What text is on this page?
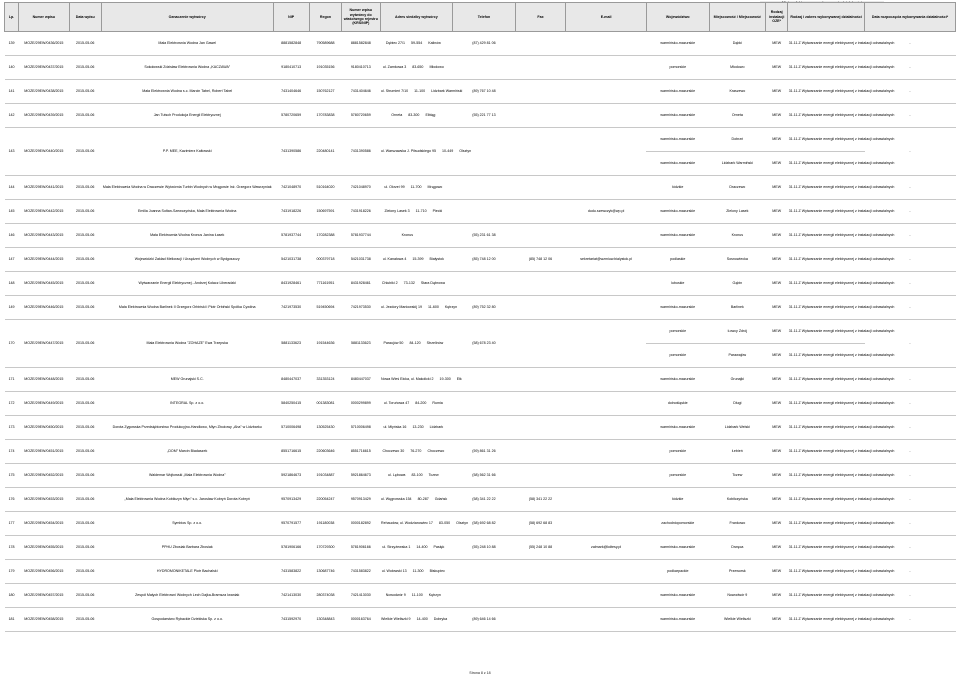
Lp.	Numer wpisu	Data wpisu	Oznaczenie wytwórcy	NIP	Regon	Numer wpisu wytwórcy do właściwego rejestru (KRS/NIP)	Adres siedziby wytwórcy	Telefon	Fax	E-mail	Województwo	Miejscowość / Miejscowość	Rodzaj instalacji OZE*	Rodzaj i zakres wykonywanej działalności	Data rozpoczęcia wykonywania działalności*
139	MOZE/29EW/0436/2015	2015-05-06	Mała Elektrownia Wodna Jan Gawel	8881582848	790589688	8881582848	Dębiec 27/1 59-554 Kalinów	(87) 429 81 06			warmińsko-mazurskie	Dąbki	MEW	31.11.Z Wytwarzanie energii elektrycznej z instalacji odnawialnych	-
140	MOZE/29EW/0437/2015	2015-05-06	Sokołowski Zdzisław Elektrownia Wodna „KACZAWA”	9180410713	191035156	9180410713	ul. Zamkowa 3 83-650 Młodowo				pomorskie	Młodowo	MEW	31.11.Z Wytwarzanie energii elektrycznej z instalacji odnawialnych	-
141	MOZE/29EW/0438/2015	2015-05-06	Mała Elektrownia Wodna s.c. Marcin Tabel, Robert Tabel	7431404646	150762127	7431404646	ul. Strumień 7/10 11-100 Lidzbark Warmiński	(89) 767 10 48			warmińsko-mazurskie	Kraszewo	MEW	31.11.Z Wytwarzanie energii elektrycznej z instalacji odnawialnych	-
142	MOZE/29EW/0439/2015	2015-05-06	Jan Tutsch Produkcja Energii Elektrycznej	5780720659	170783838	5780720659	Orneta 83-300 Elbląg	(55) 221 77 13			warmińsko-mazurskie	Orneta	MEW	31.11.Z Wytwarzanie energii elektrycznej z instalacji odnawialnych	-
143	MOZE/29EW/0440/2015	2015-05-06	P.P. MEE, Kazimierz Kaltowski	7431390586	220480141	7431390586	ul. Warszawska J. Piłsudskiego 95 10-449 Olsztyn				warmińsko-mazurskie	Dobrzń	MEW	31.11.Z Wytwarzanie energii elektrycznej z instalacji odnawialnych	-
											warmińsko-mazurskie	Lidzbark Warmiński	MEW	31.11.Z Wytwarzanie energii elektrycznej z instalacji odnawialnych	
144	MOZE/29EW/0441/2015	2015-05-06	Mała Elektrownia Wodna w Draczewie Wytwórnia Turbin Wodnych w Mrągowie Inż. Grzegorz Wawrzyniak	7421048970	510164020	7421048970	ul. Okrzei 99 11-700 Mrągowo				łódzkie	Draczewo	MEW	31.11.Z Wytwarzanie energii elektrycznej z instalacji odnawialnych	-
145	MOZE/29EW/0442/2015	2015-05-06	Emilia Joanna Sołtan-Szewczyńska, Mała Elektrownia Wodna	7431918226	150697591	7431918226	Zielony Lasek 3 11-710 Piecki			dudu.szewczyk@wp.pl	warmińsko-mazurskie	Zielony Lasek	MEW	31.11.Z Wytwarzanie energii elektrycznej z instalacji odnawialnych	-
146	MOZE/29EW/0443/2015	2015-05-06	Mała Elektrownia Wodna Kronus Janina Łasek	5781937744	170282388	5781937744	Kronus	(55) 231 61 38			warmińsko-mazurskie	Kronus	MEW	31.11.Z Wytwarzanie energii elektrycznej z instalacji odnawialnych	-
147	MOZE/29EW/0444/2015	2015-05-06	Wojewódzki Zakład Melioracji i Urządzeń Wodnych w Bydgoszczy	5421031738	000379718	5421031738	ul. Kanałowa 4 15-399 Białystok	(85) 748 12 00	(85) 748 12 06	sekretariat@wzmiuw.bialystok.pl	podlaskie	Sosnowiecka	MEW	31.11.Z Wytwarzanie energii elektrycznej z instalacji odnawialnych	-
148	MOZE/29EW/0445/2015	2015-05-06	Wytwarzanie Energii Elektrycznej - Andrzej Kołacz Liberadzki	8431928461	771161951	8431928461	Chlubiki 2 73-132 Stara Dąbrowa				lubuskie	Gąbin	MEW	31.11.Z Wytwarzanie energii elektrycznej z instalacji odnawialnych	-
149	MOZE/29EW/0446/2015	2015-05-06	Mała Elektrownia Wodna Barlinek II Grzegorz Orbiński i Piotr Orbiński Spółka Cywilna	7421973530	519450694	7421973530	ul. Jezdory Maniowskij 19 11-600 Kętrzyn	(89) 752 32 80			warmińsko-mazurskie	Barlinek	MEW	31.11.Z Wytwarzanie energii elektrycznej z instalacji odnawialnych	-
170	MOZE/29EW/0447/2015	2015-05-06	Mała Elektrownia Wodna "ZOHAZE" Ewa Trzepska	5881133623	191544636	5881133623	Paraujów 50 84-120 Strzelinów	(58) 678 23 40			pomorskie	Łowcy Zdrój	MEW	31.11.Z Wytwarzanie energii elektrycznej z instalacji odnawialnych	-
											pomorskie	Parawajów	MEW	31.11.Z Wytwarzanie energii elektrycznej z instalacji odnawialnych	
171	MOZE/29EW/0448/2015	2015-05-06	MEW Grunajski S.C.	8480447037	331353124	8480447037	Nowa Wieś Ełcka, ul. Makolicki 2 19-300 Ełk				warmińsko-mazurskie	Grunajki	MEW	31.11.Z Wytwarzanie energii elektrycznej z instalacji odnawialnych	-
172	MOZE/29EW/0449/2015	2015-05-06	INTEGRAL Sp. z o.o.	5840250415	001383081	0000299899	ul. Toruńowa 47 84-200 Rumia				dolnośląskie	Długi	MEW	31.11.Z Wytwarzanie energii elektrycznej z instalacji odnawialnych	-
173	MOZE/29EW/0450/2015	2015-05-06	Dorota Zygowska Przedsiębiorstwo Produkcyjno-Handlowo, Młyn Zbożowy „Aha” w Lidzbarku	5710006498	130525430	5710006498	ul. Młyńska 16 13-230 Lidzbark				warmińsko-mazurskie	Lidzbark Welski	MEW	31.11.Z Wytwarzanie energii elektrycznej z instalacji odnawialnych	-
174	MOZE/29EW/0451/2015	2015-05-06	„DOM” Marcin Biadaszek	8551716615	220603646	8551716615	Choczewo 30 76-270 Choczewo	(59) 861 31 26			pomorskie	Łebień	MEW	31.11.Z Wytwarzanie energii elektrycznej z instalacji odnawialnych	-
175	MOZE/29EW/0452/2015	2015-05-06	Waldemar Wojtowski „Mała Elektrownia Wodna”	5921864673	191034887	5921864673	ul. Lębowa 83-100 Tczew	(58) 562 31 66			pomorskie	Tczew	MEW	31.11.Z Wytwarzanie energii elektrycznej z instalacji odnawialnych	-
176	MOZE/29EW/0453/2015	2015-05-06	„Mała Elektrownia Wodna Kobiłczyn Młyn” s.c. Jarosław Kobryń Dorota Kobryń	9570913429	220054247	9570913429	ul. Węgrowska 154 80-287 Gdańsk	(58) 341 22 22	(58) 341 22 22		łódzkie	Kobiłczyńska	MEW	31.11.Z Wytwarzanie energii elektrycznej z instalacji odnawialnych	-
177	MOZE/29EW/0454/2015	2015-05-06	Symbios Sp. z o.o.	9570791577	191180038	0000182892	Rehaudow, ul. Wodzianowiec 17 83-050 Olsztyn	(58) 692 68 82	(58) 692 68 83		zachodniopomorskie	Frankowo	MEW	31.11.Z Wytwarzanie energii elektrycznej z instalacji odnawialnych	-
178	MOZE/29EW/0455/2015	2015-05-06	PPHU Zbosiak Barbara Zbosiak	5781906166	170729300	5781906166	ul. Strzyżewska 1 14-400 Pasłęk	(55) 248 10 88	(55) 248 10 88	zalmark@kdtesy.pl	warmińsko-mazurskie	Drwęca	MEW	31.11.Z Wytwarzanie energii elektrycznej z instalacji odnawialnych	-
179	MOZE/29EW/0456/2015	2015-05-06	HYDROMONIKETALE Piotr Bachalski	7431583822	130687746	7431583822	ul. Wołowski 13 11-300 Biskupiec				podkarpackie	Przeworsk	MEW	31.11.Z Wytwarzanie energii elektrycznej z instalacji odnawialnych	-
180	MOZE/29EW/0457/2015	2015-05-06	Zespół Małych Elektrowni Wodnych Lech Dajka-Bramsza Iwaniak	7421413030	280374038	7421413030	Nowodwór 9 11-100 Kętrzyn				warmińsko-mazurskie	Nowodwór 9	MEW	31.11.Z Wytwarzanie energii elektrycznej z instalacji odnawialnych	-
181	MOZE/29EW/0458/2015	2015-05-06	Gospodarstwo Rybackie Dziekiska Sp. z o.o.	7431592970	130348843	0000163764	Wielkie Wieliszki 9 14-400 Dobryka	(89) 646 14 66			warmińsko-mazurskie	Wielkie Wieliszki	MEW	31.11.Z Wytwarzanie energii elektrycznej z instalacji odnawialnych	-
Strona 8 z 18
